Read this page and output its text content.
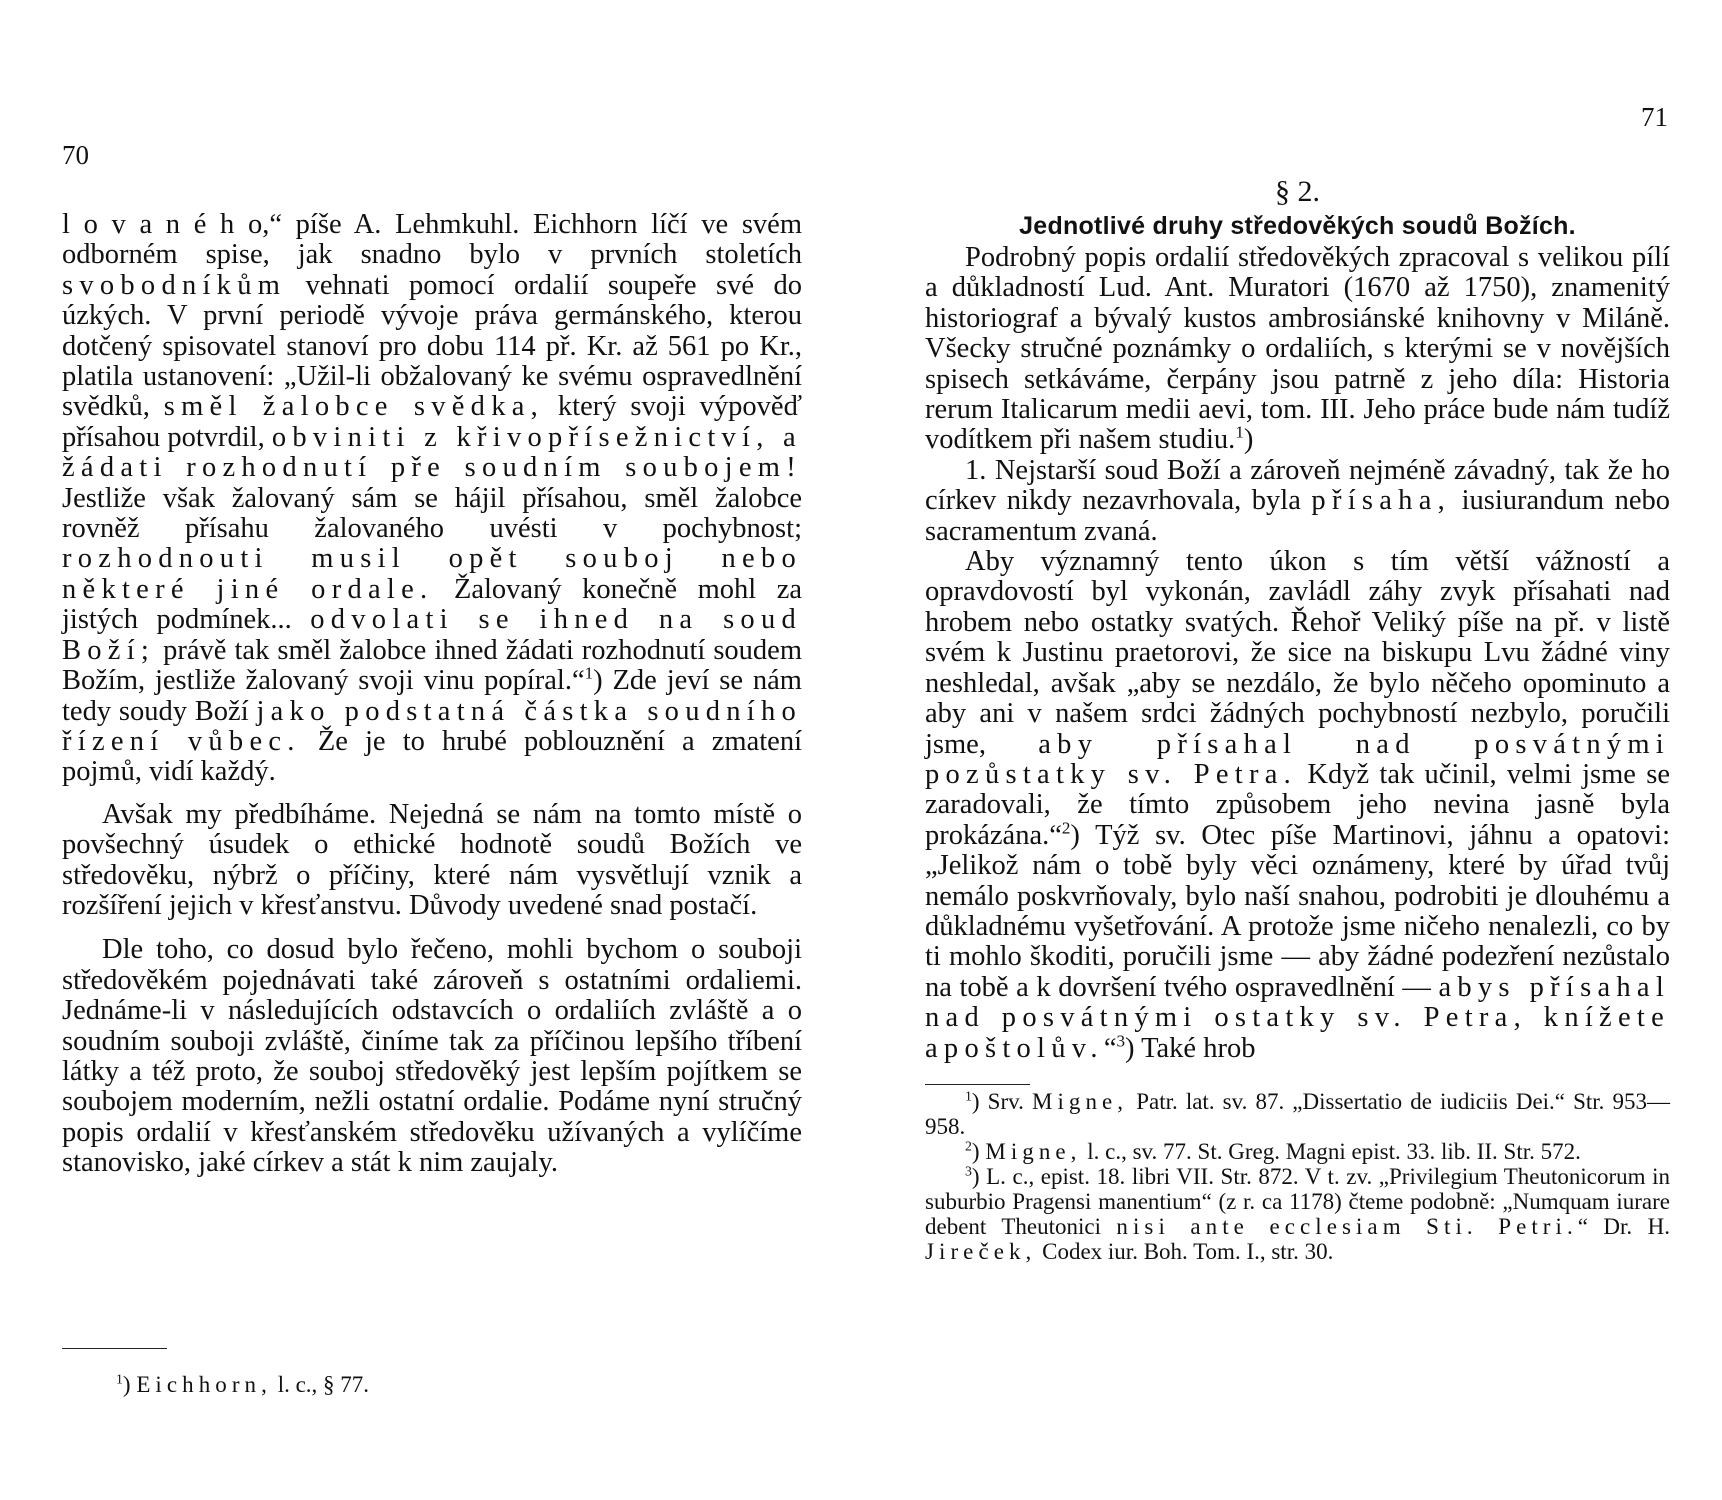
70

l o v a n é h o,“ píše A. Lehmkuhl. Eichhorn líčí ve svém odborném spise, jak snadno bylo v prvních stoletích svobodníkům vehnati pomocí ordalií soupeře své do úzkých. V první periodě vývoje práva germánského, kterou dotčený spisovatel stanoví pro dobu 114 př. Kr. až 561 po Kr., platila ustanovení: „Užil-li obžalovaný ke svému ospravedlnění svědků, směl žalobce svědka, který svoji výpověď přísahou potvrdil, obviniti z křivopřísežnictví, a žádati rozhodnutí pře soudním soubojem! Jestliže však žalovaný sám se hájil přísahou, směl žalobce rovněž přísahu žalovaného uvésti v pochybnost; rozhodnouti musil opět souboj nebo některé jiné ordale. Žalovaný konečně mohl za jistých podmínek... odvolati se ihned na soud Boží; právě tak směl žalobce ihned žádati rozhodnutí soudem Božím, jestliže žalovaný svoji vinu popíral.“$^1$) Zde jeví se nám tedy soudy Boží jako podstatná částka soudního řízení vůbec. Že je to hrubé poblouznění a zmatení pojmů, vidí každý.

Avšak my předbíháme. Nejedná se nám na tomto místě o povšechný úsudek o ethické hodnotě soudů Božích ve středověku, nýbrž o příčiny, které nám vysvětlují vznik a rozšíření jejich v křesťanstvu. Důvody uvedené snad postačí.

Dle toho, co dosud bylo řečeno, mohli bychom o souboji středověkém pojednávati také zároveň s ostatními ordaliemi. Jednáme-li v následujících odstavcích o ordaliích zvláště a o soudním souboji zvláště, činíme tak za příčinou lepšího tříbení látky a též proto, že souboj středověký jest lepším pojítkem se soubojem moderním, nežli ostatní ordalie. Podáme nyní stručný popis ordalií v křesťanském středověku užívaných a vylíčíme stanovisko, jaké církev a stát k nim zaujaly.

$^1$) Eichhorn, l. c., § 77.
71

§ 2.

Jednotlivé druhy středověkých soudů Božích.

Podrobný popis ordalií středověkých zpracoval s velikou pílí a důkladností Lud. Ant. Muratori (1670 až 1750), znamenitý historiograf a bývalý kustos ambrosiánské knihovny v Miláně. Všecky stručné poznámky o ordaliích, s kterými se v novějších spisech setkáváme, čerpány jsou patrně z jeho díla: Historia rerum Italicarum medii aevi, tom. III. Jeho práce bude nám tudíž vodítkem při našem studiu.$^1$)

1. Nejstarší soud Boží a zároveň nejméně závadný, tak že ho církev nikdy nezavrhovala, byla přísaha, iusiurandum nebo sacramentum zvaná.

Aby významný tento úkon s tím větší vážností a opravdovostí byl vykonán, zavládl záhy zvyk přísahati nad hrobem nebo ostatky svatých. Řehoř Veliký píše na př. v listě svém k Justinu praetorovi, že sice na biskupu Lvu žádné viny neshledal, avšak „aby se nezdálo, že bylo něčeho opominuto a aby ani v našem srdci žádných pochybností nezbylo, poručili jsme, aby přísahal nad posvátnými pozůstatky sv. Petra. Když tak učinil, velmi jsme se zaradovali, že tímto způsobem jeho nevina jasně byla prokázána.“$^2$) Týž sv. Otec píše Martinovi, jáhnu a opatovi: „Jelikož nám o tobě byly věci oznámeny, které by úřad tvůj nemálo poskvrňovaly, bylo naší snahou, podrobiti je dlouhému a důkladnému vyšetřování. A protože jsme ničeho nenalezli, co by ti mohlo škoditi, poručili jsme — aby žádné podezření nezůstalo na tobě a k dovršení tvého ospravedlnění — abys přísahal nad posvátnými ostatky sv. Petra, knížete apoštolův.“$^3$) Také hrob

$^1$) Srv. Migne, Patr. lat. sv. 87. „Dissertatio de iudiciis Dei.“ Str. 953—958.

$^2$) Migne, l. c., sv. 77. St. Greg. Magni epist. 33. lib. II. Str. 572.

$^3$) L. c., epist. 18. libri VII. Str. 872. V t. zv. „Privilegium Theutonicorum in suburbio Pragensi manentium“ (z r. ca 1178) čteme podobně: „Numquam iurare debent Theutonici nisi ante ecclesiam Sti. Petri.“ Dr. H. Jireček, Codex iur. Boh. Tom. I., str. 30.
